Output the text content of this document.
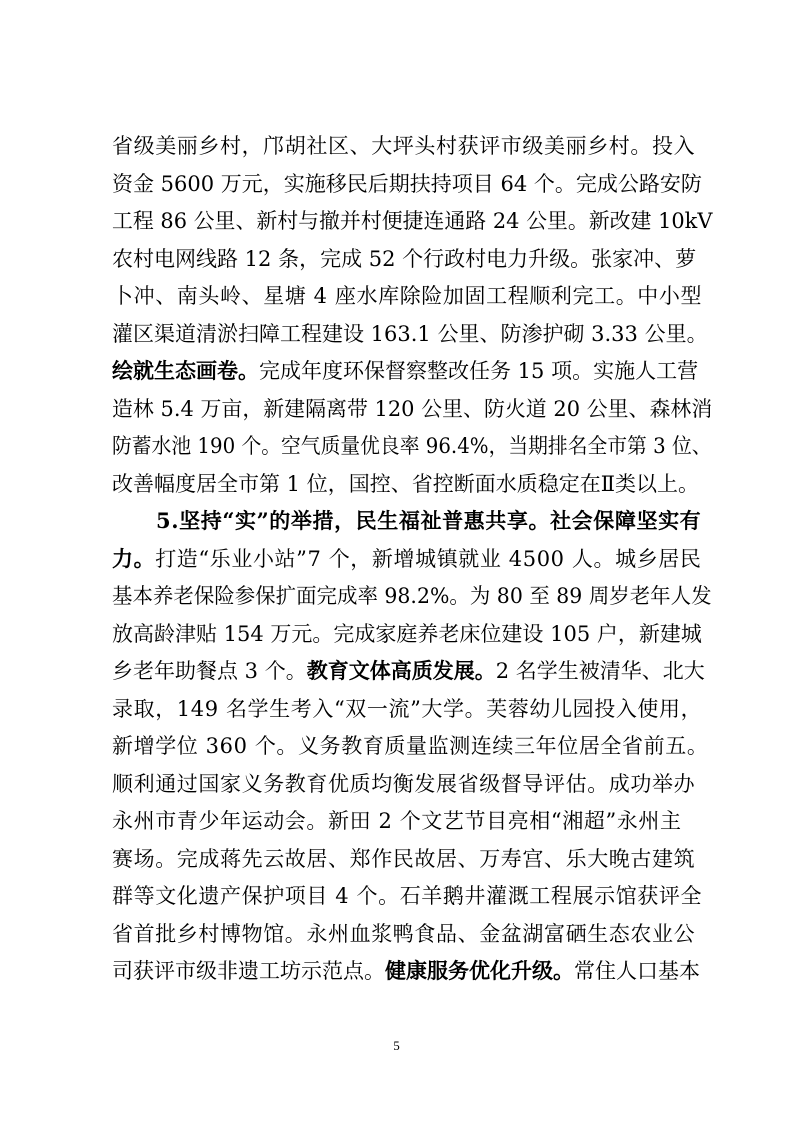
省级美丽乡村，邝胡社区、大坪头村获评市级美丽乡村。投入
资金 5600 万元，实施移民后期扶持项目 64 个。完成公路安防
工程 86 公里、新村与撤并村便捷连通路 24 公里。新改建 10kV
农村电网线路 12 条，完成 52 个行政村电力升级。张家冲、萝
卜冲、南头岭、星塘 4 座水库除险加固工程顺利完工。中小型
灌区渠道清淤扫障工程建设 163.1 公里、防渗护砌 3.33 公里。
绘就生态画卷。完成年度环保督察整改任务 15 项。实施人工营
造林 5.4 万亩，新建隔离带 120 公里、防火道 20 公里、森林消
防蓄水池 190 个。空气质量优良率 96.4%，当期排名全市第 3 位、
改善幅度居全市第 1 位，国控、省控断面水质稳定在Ⅱ类以上。
5.坚持“实”的举措，民生福祉普惠共享。社会保障坚实有
力。打造“乐业小站”7 个，新增城镇就业 4500 人。城乡居民
基本养老保险参保扩面完成率 98.2%。为 80 至 89 周岁老年人发
放高龄津贴 154 万元。完成家庭养老床位建设 105 户，新建城
乡老年助餐点 3 个。教育文体高质发展。2 名学生被清华、北大
录取，149 名学生考入“双一流”大学。芙蓉幼儿园投入使用，
新增学位 360 个。义务教育质量监测连续三年位居全省前五。
顺利通过国家义务教育优质均衡发展省级督导评估。成功举办
永州市青少年运动会。新田 2 个文艺节目亮相“湘超”永州主
赛场。完成蒋先云故居、郑作民故居、万寿宫、乐大晚古建筑
群等文化遗产保护项目 4 个。石羊鹅井灌溉工程展示馆获评全
省首批乡村博物馆。永州血浆鸭食品、金盆湖富硒生态农业公
司获评市级非遗工坊示范点。健康服务优化升级。常住人口基本
5
